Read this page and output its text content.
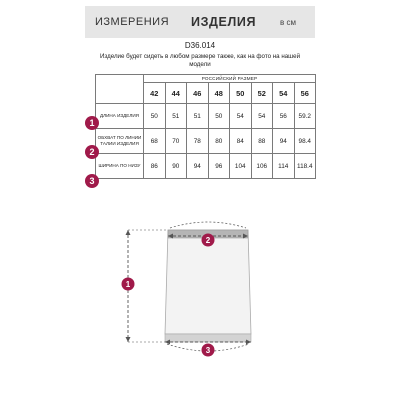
ИЗМЕРЕНИЯ ИЗДЕЛИЯ	в см
D36.014
Изделие будет сидеть в любом размере также, как на фото на нашей модели
	РОССИЙСКИЙ РАЗМЕР							
	42	44	46	48	50	52	54	56
ДЛИНА ИЗДЕЛИЯ	50	51	51	50	54	54	56	59.2
ОБХВАТ ПО ЛИНИИ ТАЛИИ ИЗДЕЛИЯ	68	70	78	80	84	88	94	98.4
ШИРИНА ПО НИЗУ	86	90	94	96	104	106	114	118.4
1
2
3
1
2
3
